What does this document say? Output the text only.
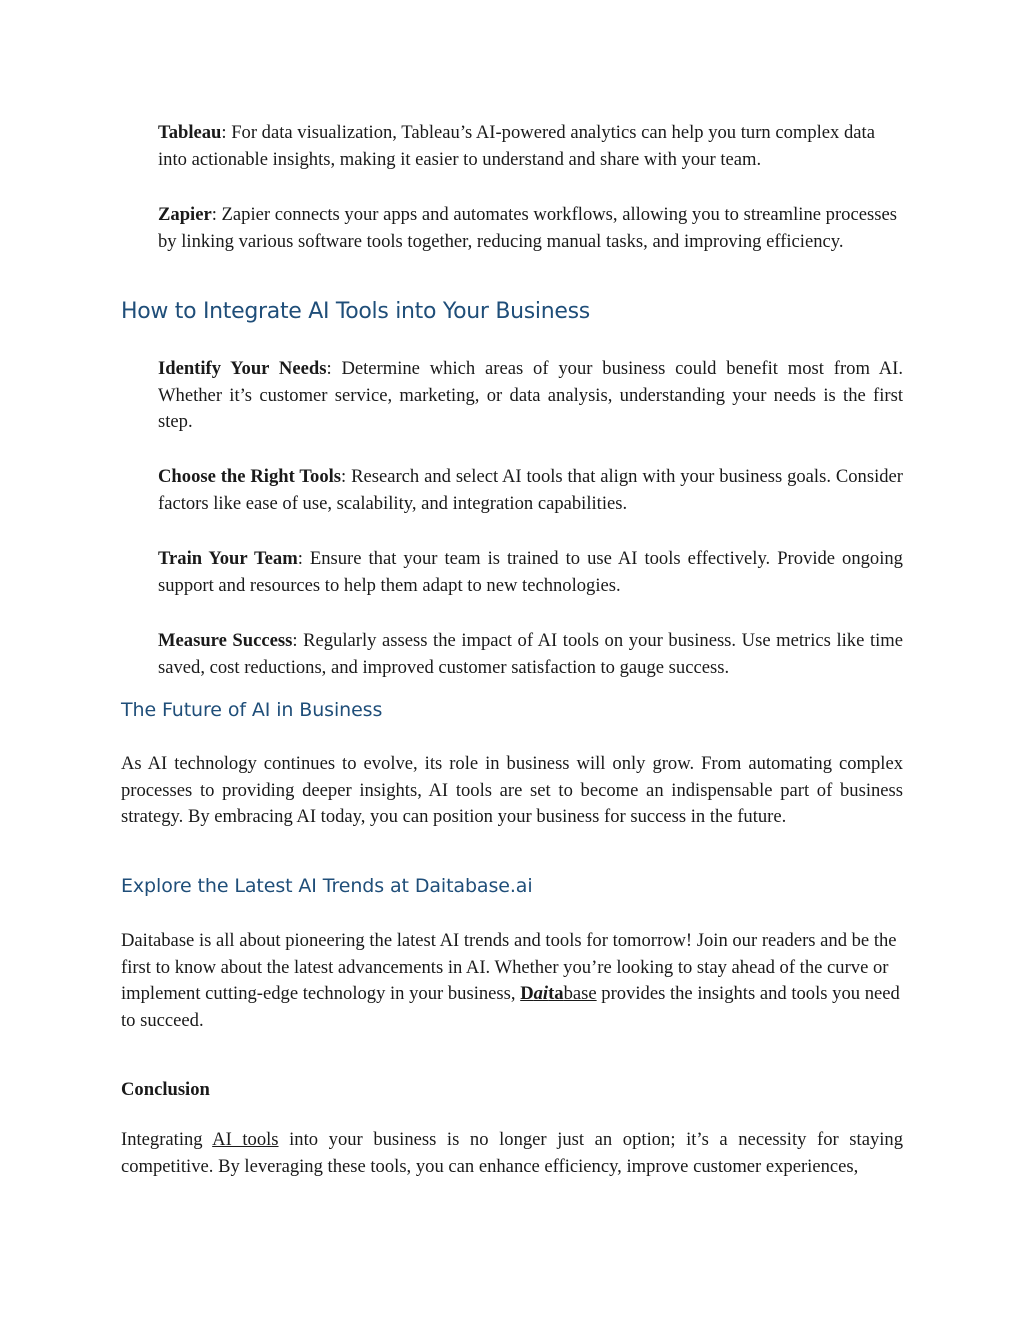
Tableau: For data visualization, Tableau’s AI-powered analytics can help you turn complex data into actionable insights, making it easier to understand and share with your team.

Zapier: Zapier connects your apps and automates workflows, allowing you to streamline processes by linking various software tools together, reducing manual tasks, and improving efficiency.

How to Integrate AI Tools into Your Business

Identify Your Needs: Determine which areas of your business could benefit most from AI. Whether it’s customer service, marketing, or data analysis, understanding your needs is the first step.

Choose the Right Tools: Research and select AI tools that align with your business goals. Consider factors like ease of use, scalability, and integration capabilities.

Train Your Team: Ensure that your team is trained to use AI tools effectively. Provide ongoing support and resources to help them adapt to new technologies.

Measure Success: Regularly assess the impact of AI tools on your business. Use metrics like time saved, cost reductions, and improved customer satisfaction to gauge success.

The Future of AI in Business

As AI technology continues to evolve, its role in business will only grow. From automating complex processes to providing deeper insights, AI tools are set to become an indispensable part of business strategy. By embracing AI today, you can position your business for success in the future.

Explore the Latest AI Trends at Daitabase.ai

Daitabase is all about pioneering the latest AI trends and tools for tomorrow! Join our readers and be the first to know about the latest advancements in AI. Whether you’re looking to stay ahead of the curve or implement cutting-edge technology in your business, Daitabase provides the insights and tools you need to succeed.

Conclusion

Integrating AI tools into your business is no longer just an option; it’s a necessity for staying competitive. By leveraging these tools, you can enhance efficiency, improve customer experiences,
